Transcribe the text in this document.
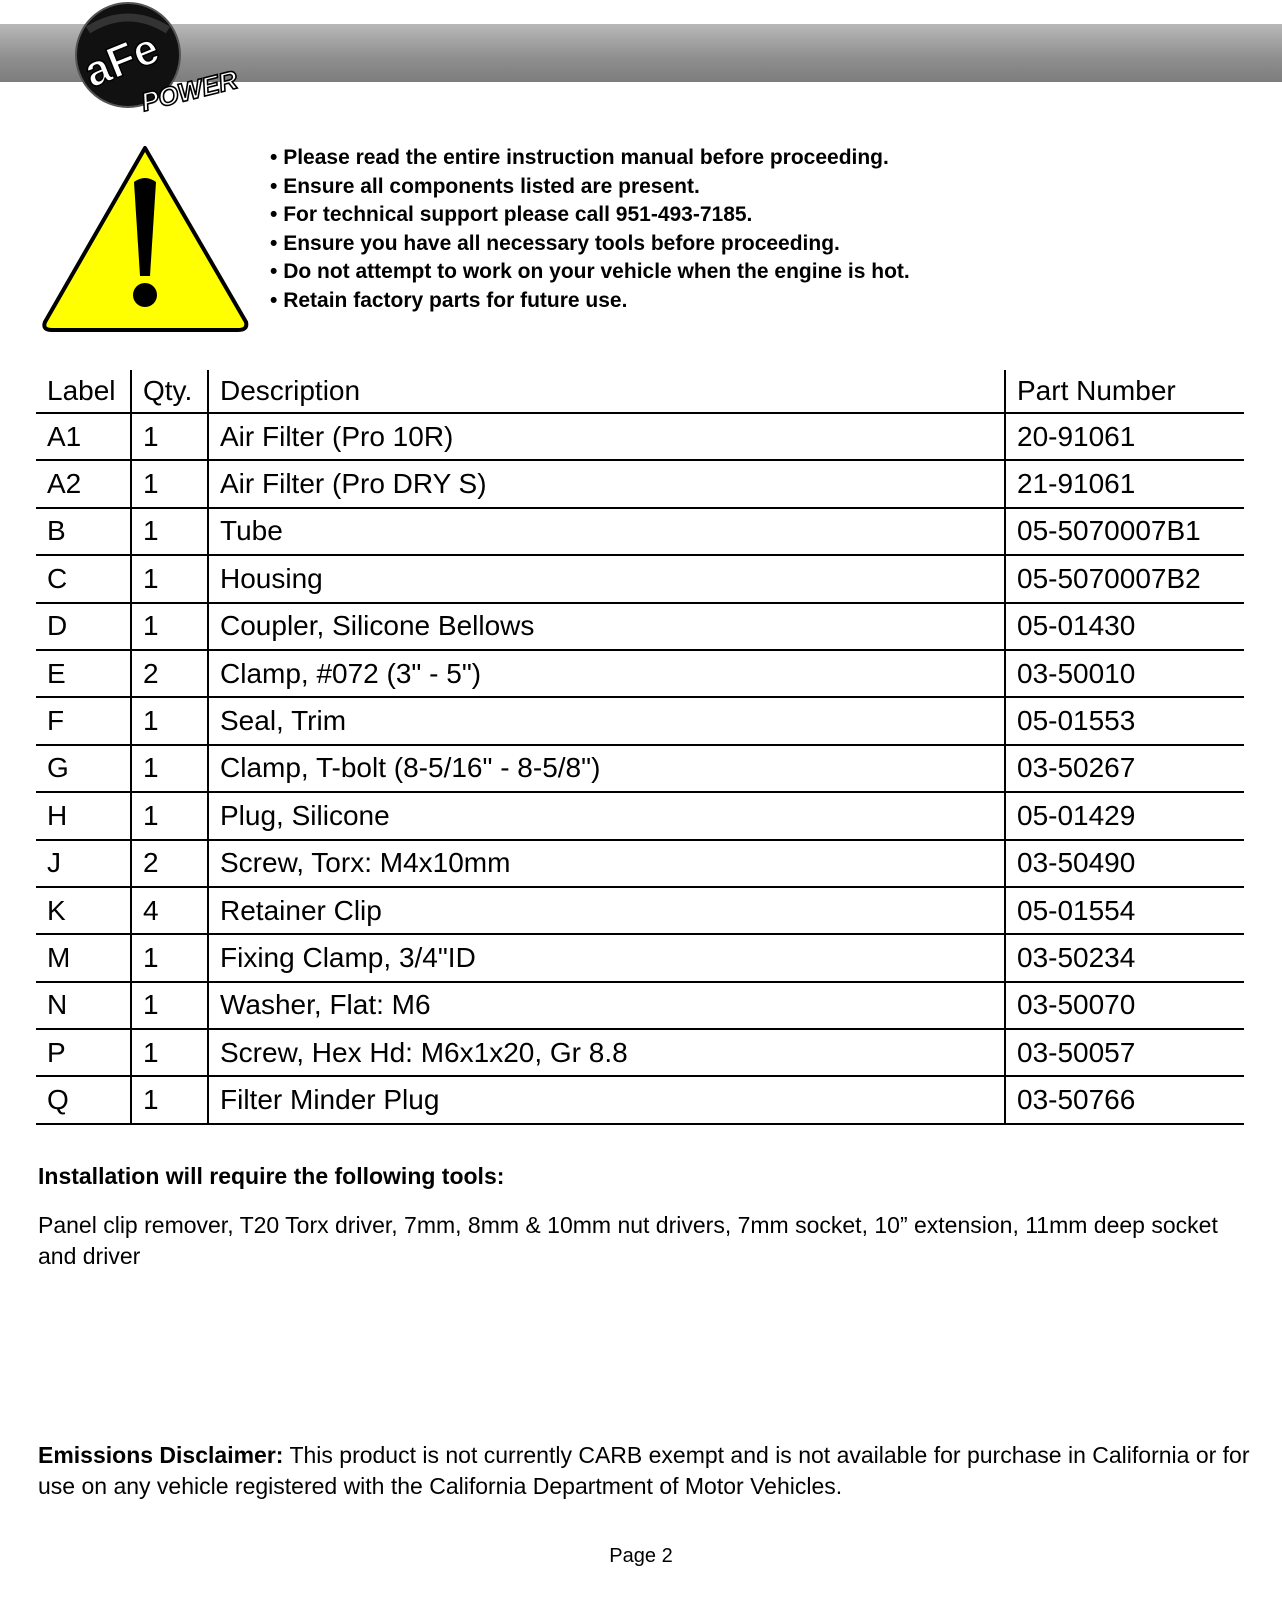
aFe
POWER
• Please read the entire instruction manual before proceeding.
• Ensure all components listed are present.
• For technical support please call 951-493-7185.
• Ensure you have all necessary tools before proceeding.
• Do not attempt to work on your vehicle when the engine is hot.
• Retain factory parts for future use.
Label	Qty.	Description	Part Number
A1	1	Air Filter (Pro 10R)	20-91061
A2	1	Air Filter (Pro DRY S)	21-91061
B	1	Tube	05-5070007B1
C	1	Housing	05-5070007B2
D	1	Coupler, Silicone Bellows	05-01430
E	2	Clamp, #072 (3" - 5")	03-50010
F	1	Seal, Trim	05-01553
G	1	Clamp, T-bolt (8-5/16" - 8-5/8")	03-50267
H	1	Plug, Silicone	05-01429
J	2	Screw, Torx: M4x10mm	03-50490
K	4	Retainer Clip	05-01554
M	1	Fixing Clamp, 3/4"ID	03-50234
N	1	Washer, Flat: M6	03-50070
P	1	Screw, Hex Hd: M6x1x20, Gr 8.8	03-50057
Q	1	Filter Minder Plug	03-50766

Installation will require the following tools:

Panel clip remover, T20 Torx driver, 7mm, 8mm & 10mm nut drivers, 7mm socket, 10” extension, 11mm deep socket and driver

Emissions Disclaimer: This product is not currently CARB exempt and is not available for purchase in California or for use on any vehicle registered with the California Department of Motor Vehicles.

Page 2
